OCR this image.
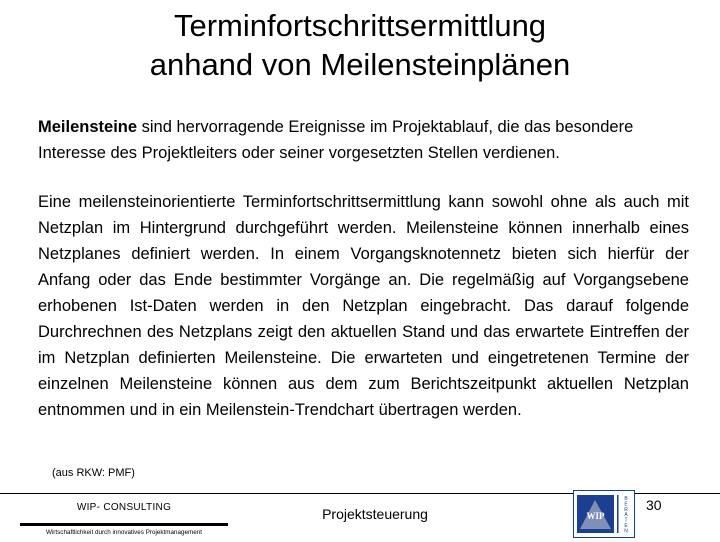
Terminfortschrittsermittlung
anhand von Meilensteinplänen
Meilensteine sind hervorragende Ereignisse im Projektablauf, die das besondere Interesse des Projektleiters oder seiner vorgesetzten Stellen verdienen.
Eine meilensteinorientierte Terminfortschrittsermittlung kann sowohl ohne als auch mit Netzplan im Hintergrund durchgeführt werden. Meilensteine können innerhalb eines Netzplanes definiert werden. In einem Vorgangsknotennetz bieten sich hierfür der Anfang oder das Ende bestimmter Vorgänge an. Die regelmäßig auf Vorgangsebene erhobenen Ist-Daten werden in den Netzplan eingebracht. Das darauf folgende Durchrechnen des Netzplans zeigt den aktuellen Stand und das erwartete Eintreffen der im Netzplan definierten Meilensteine. Die erwarteten und eingetretenen Termine der einzelnen Meilensteine können aus dem zum Berichtszeitpunkt aktuellen Netzplan entnommen und in ein Meilenstein-Trendchart übertragen werden.
(aus RKW: PMF)
WIP- CONSULTING
Wirtschaftlichkeit durch innovatives Projektmanagement
Projektsteuerung	WIP
B
E
R
A
T
E
N
30
